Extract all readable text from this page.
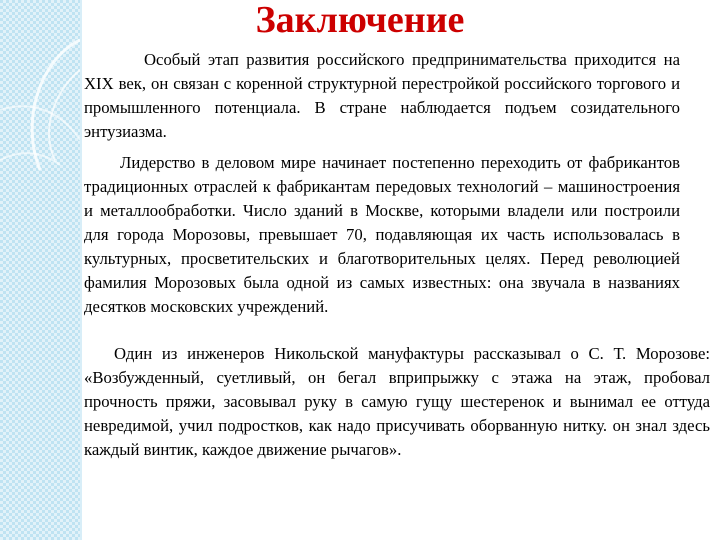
Заключение

Особый этап развития российского предпринимательства приходится на XIX век, он связан с коренной структурной перестройкой российского торгового и промышленного потенциала. В стране наблюдается подъем созидательного энтузиазма.

Лидерство в деловом мире начинает постепенно переходить от фабрикантов традиционных отраслей к фабрикантам передовых технологий – машиностроения и металлообработки. Число зданий в Москве, которыми владели или построили для города Морозовы, превышает 70, подавляющая их часть использовалась в культурных, просветительских и благотворительных целях. Перед революцией фамилия Морозовых была одной из самых известных: она звучала в названиях десятков московских учреждений.

Один из инженеров Никольской мануфактуры рассказывал о С. Т. Морозове: «Возбужденный, суетливый, он бегал вприпрыжку с этажа на этаж, пробовал прочность пряжи, засовывал руку в самую гущу шестеренок и вынимал ее оттуда невредимой, учил подростков, как надо присучивать оборванную нитку. он знал здесь каждый винтик, каждое движение рычагов».
